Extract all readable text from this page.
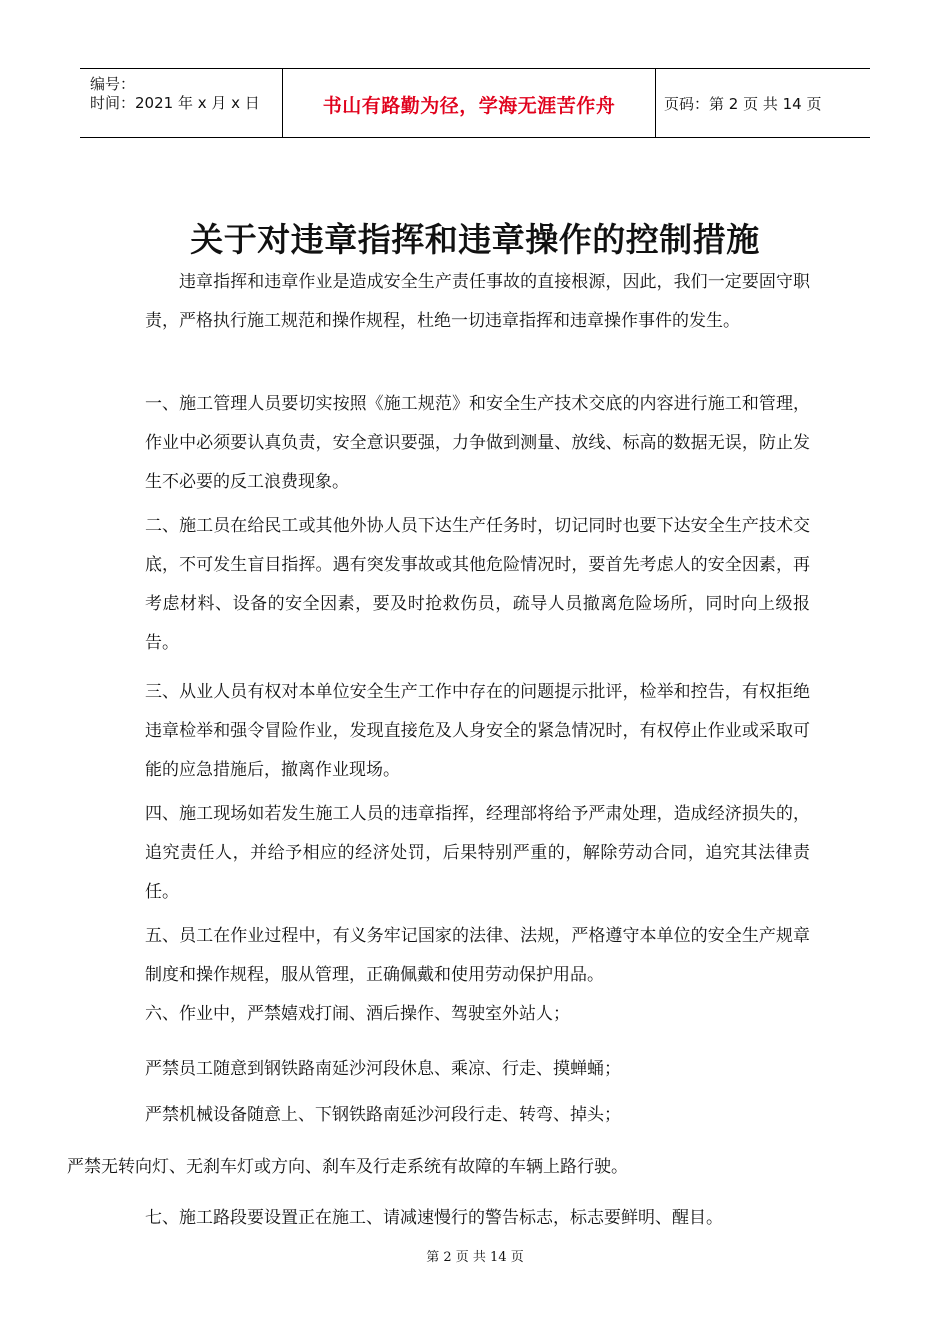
编号：
时间：2021 年 x 月 x 日	书山有路勤为径，学海无涯苦作舟	页码：第 2 页 共 14 页
关于对违章指挥和违章操作的控制措施

违章指挥和违章作业是造成安全生产责任事故的直接根源，因此，我们一定要固守职责，严格执行施工规范和操作规程，杜绝一切违章指挥和违章操作事件的发生。

一、施工管理人员要切实按照《施工规范》和安全生产技术交底的内容进行施工和管理，作业中必须要认真负责，安全意识要强，力争做到测量、放线、标高的数据无误，防止发生不必要的反工浪费现象。

二、施工员在给民工或其他外协人员下达生产任务时，切记同时也要下达安全生产技术交底，不可发生盲目指挥。遇有突发事故或其他危险情况时，要首先考虑人的安全因素，再考虑材料、设备的安全因素，要及时抢救伤员，疏导人员撤离危险场所，同时向上级报告。

三、从业人员有权对本单位安全生产工作中存在的问题提示批评，检举和控告，有权拒绝违章检举和强令冒险作业，发现直接危及人身安全的紧急情况时，有权停止作业或采取可能的应急措施后，撤离作业现场。

四、施工现场如若发生施工人员的违章指挥，经理部将给予严肃处理，造成经济损失的，追究责任人，并给予相应的经济处罚，后果特别严重的，解除劳动合同，追究其法律责任。

五、员工在作业过程中，有义务牢记国家的法律、法规，严格遵守本单位的安全生产规章制度和操作规程，服从管理，正确佩戴和使用劳动保护用品。

六、作业中，严禁嬉戏打闹、酒后操作、驾驶室外站人；

严禁员工随意到钢铁路南延沙河段休息、乘凉、行走、摸蝉蛹；

严禁机械设备随意上、下钢铁路南延沙河段行走、转弯、掉头；

严禁无转向灯、无刹车灯或方向、刹车及行走系统有故障的车辆上路行驶。

七、施工路段要设置正在施工、请减速慢行的警告标志，标志要鲜明、醒目。

第 2 页 共 14 页
